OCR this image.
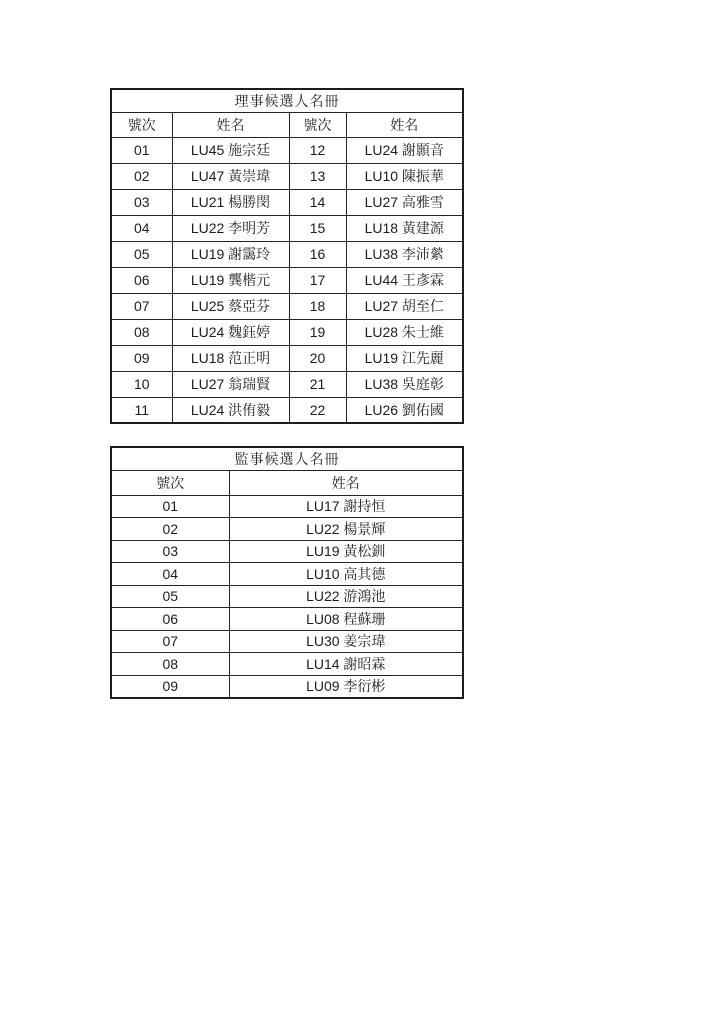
理事候選人名冊			
號次	姓名	號次	姓名
01	LU45 施宗廷	12	LU24 謝顥音
02	LU47 黃崇瑋	13	LU10 陳振華
03	LU21 楊勝閔	14	LU27 高雅雪
04	LU22 李明芳	15	LU18 黃建源
05	LU19 謝靄玲	16	LU38 李沛縈
06	LU19 龔楷元	17	LU44 王彥霖
07	LU25 蔡亞芬	18	LU27 胡至仁
08	LU24 魏鈺婷	19	LU28 朱士維
09	LU18 范正明	20	LU19 江先麗
10	LU27 翁瑞賢	21	LU38 吳庭彰
11	LU24 洪侑毅	22	LU26 劉佑國
監事候選人名冊	
號次	姓名
01	LU17 謝持恒
02	LU22 楊景輝
03	LU19 黃松釧
04	LU10 高其德
05	LU22 游鴻池
06	LU08 程蘇珊
07	LU30 姜宗瑋
08	LU14 謝昭霖
09	LU09 李衍彬
